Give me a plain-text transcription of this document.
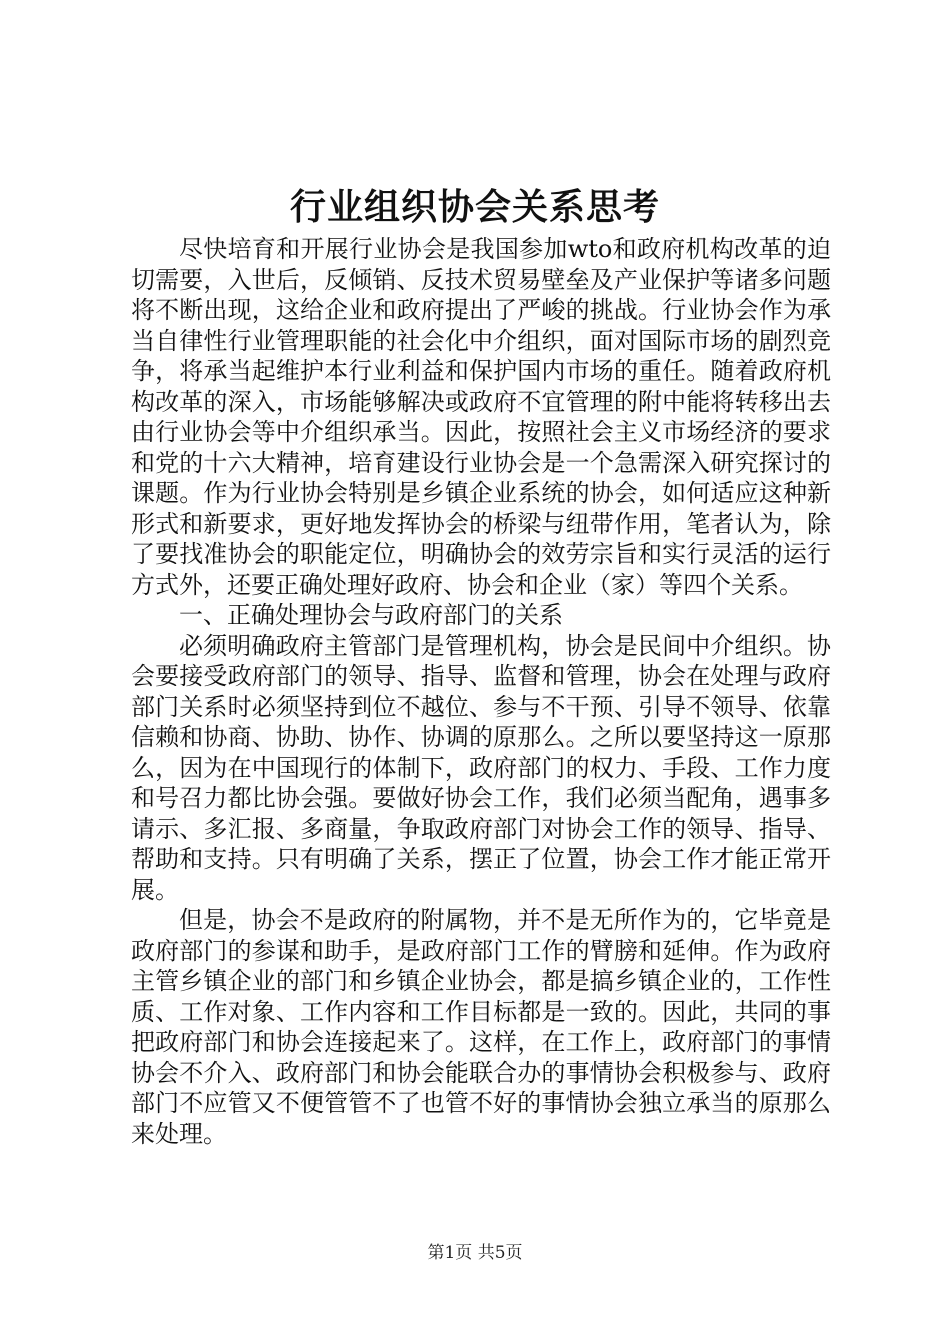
行业组织协会关系思考

尽快培育和开展行业协会是我国参加wto和政府机构改革的迫切需要，入世后，反倾销、反技术贸易壁垒及产业保护等诸多问题将不断出现，这给企业和政府提出了严峻的挑战。行业协会作为承当自律性行业管理职能的社会化中介组织，面对国际市场的剧烈竞争，将承当起维护本行业利益和保护国内市场的重任。随着政府机构改革的深入，市场能够解决或政府不宜管理的附中能将转移出去由行业协会等中介组织承当。因此，按照社会主义市场经济的要求和党的十六大精神，培育建设行业协会是一个急需深入研究探讨的课题。作为行业协会特别是乡镇企业系统的协会，如何适应这种新形式和新要求，更好地发挥协会的桥梁与纽带作用，笔者认为，除了要找准协会的职能定位，明确协会的效劳宗旨和实行灵活的运行方式外，还要正确处理好政府、协会和企业（家）等四个关系。

一、正确处理协会与政府部门的关系

必须明确政府主管部门是管理机构，协会是民间中介组织。协会要接受政府部门的领导、指导、监督和管理，协会在处理与政府部门关系时必须坚持到位不越位、参与不干预、引导不领导、依靠信赖和协商、协助、协作、协调的原那么。之所以要坚持这一原那么，因为在中国现行的体制下，政府部门的权力、手段、工作力度和号召力都比协会强。要做好协会工作，我们必须当配角，遇事多请示、多汇报、多商量，争取政府部门对协会工作的领导、指导、帮助和支持。只有明确了关系，摆正了位置，协会工作才能正常开展。

但是，协会不是政府的附属物，并不是无所作为的，它毕竟是政府部门的参谋和助手，是政府部门工作的臂膀和延伸。作为政府主管乡镇企业的部门和乡镇企业协会，都是搞乡镇企业的，工作性质、工作对象、工作内容和工作目标都是一致的。因此，共同的事把政府部门和协会连接起来了。这样，在工作上，政府部门的事情协会不介入、政府部门和协会能联合办的事情协会积极参与、政府部门不应管又不便管管不了也管不好的事情协会独立承当的原那么来处理。

第1页 共5页
